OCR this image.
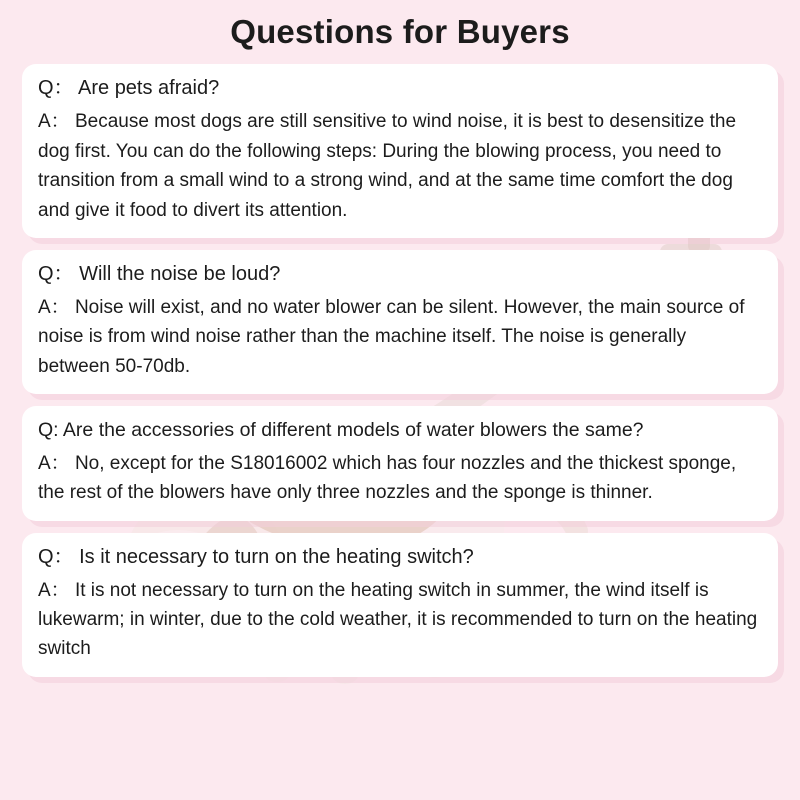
Questions for Buyers
Q： Are pets afraid?
A： Because most dogs are still sensitive to wind noise, it is best to desensitize the dog first. You can do the following steps: During the blowing process, you need to transition from a small wind to a strong wind, and at the same time comfort the dog and give it food to divert its attention.
Q： Will the noise be loud?
A： Noise will exist, and no water blower can be silent. However, the main source of noise is from wind noise rather than the machine itself. The noise is generally between 50-70db.
Q: Are the accessories of different models of water blowers the same?
A： No, except for the S18016002 which has four nozzles and the thickest sponge, the rest of the blowers have only three nozzles and the sponge is thinner.
Q： Is it necessary to turn on the heating switch?
A： It is not necessary to turn on the heating switch in summer, the wind itself is lukewarm; in winter, due to the cold weather, it is recommended to turn on the heating switch
